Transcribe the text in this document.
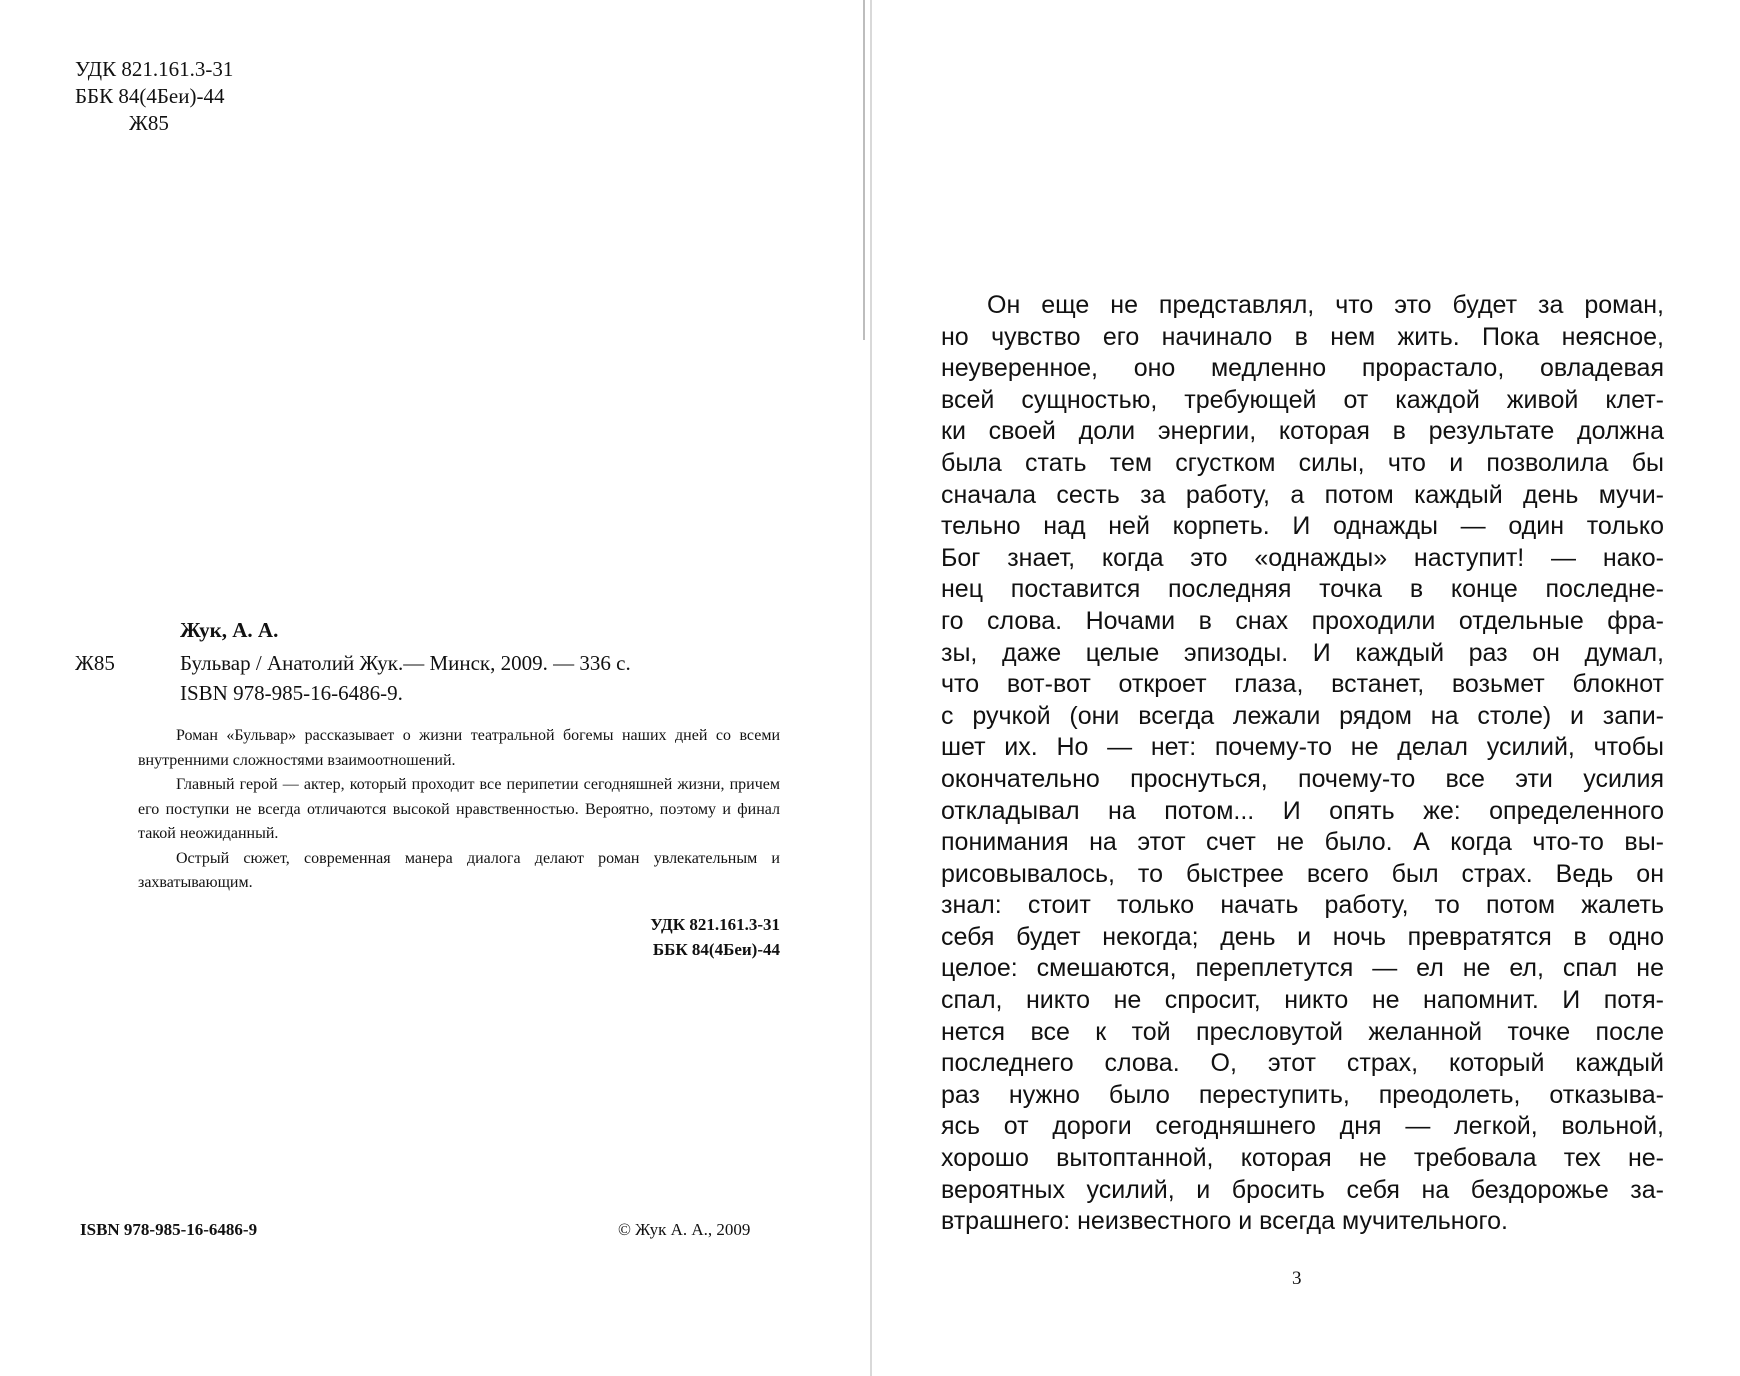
УДК 821.161.3-31
ББК 84(4Беи)-44
Ж85
Жук, А. А.
Ж85	Бульвар / Анатолий Жук.— Минск, 2009. — 336 с.
ISBN 978-985-16-6486-9.

Роман «Бульвар» рассказывает о жизни театральной богемы наших дней со всеми внутренними сложностями взаимоотношений.

Главный герой — актер, который проходит все перипетии сегодняшней жизни, причем его поступки не всегда отличаются высокой нравственностью. Вероятно, поэтому и финал такой неожиданный.

Острый сюжет, современная манера диалога делают роман увлекательным и захватывающим.

УДК 821.161.3-31
ББК 84(4Беи)-44
ISBN 978-985-16-6486-9	© Жук А. А., 2009
Он еще не представлял, что это будет за роман,
но чувство его начинало в нем жить. Пока неясное,
неуверенное, оно медленно прорастало, овладевая
всей сущностью, требующей от каждой живой клет-
ки своей доли энергии, которая в результате должна
была стать тем сгустком силы, что и позволила бы
сначала сесть за работу, а потом каждый день мучи-
тельно над ней корпеть. И однажды — один только
Бог знает, когда это «однажды» наступит! — нако-
нец поставится последняя точка в конце последне-
го слова. Ночами в снах проходили отдельные фра-
зы, даже целые эпизоды. И каждый раз он думал,
что вот-вот откроет глаза, встанет, возьмет блокнот
с ручкой (они всегда лежали рядом на столе) и запи-
шет их. Но — нет: почему-то не делал усилий, чтобы
окончательно проснуться, почему-то все эти усилия
откладывал на потом... И опять же: определенного
понимания на этот счет не было. А когда что-то вы-
рисовывалось, то быстрее всего был страх. Ведь он
знал: стоит только начать работу, то потом жалеть
себя будет некогда; день и ночь превратятся в одно
целое: смешаются, переплетутся — ел не ел, спал не
спал, никто не спросит, никто не напомнит. И потя-
нется все к той пресловутой желанной точке после
последнего слова. О, этот страх, который каждый
раз нужно было переступить, преодолеть, отказыва-
ясь от дороги сегодняшнего дня — легкой, вольной,
хорошо вытоптанной, которая не требовала тех не-
вероятных усилий, и бросить себя на бездорожье за-
втрашнего: неизвестного и всегда мучительного.
3
